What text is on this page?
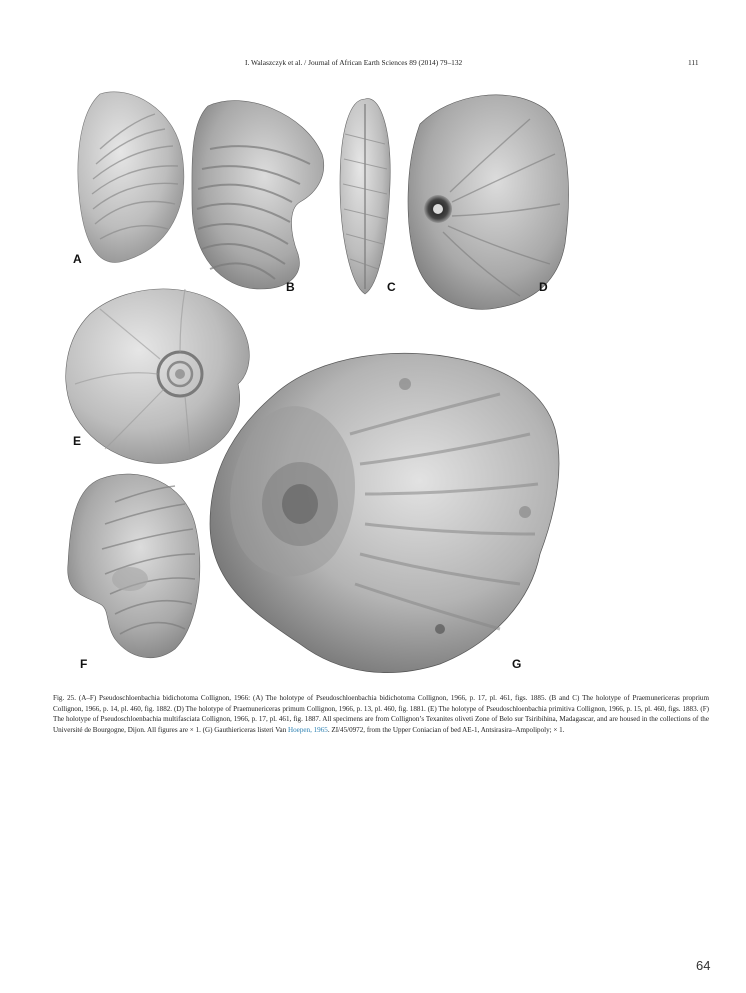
I. Walaszczyk et al. / Journal of African Earth Sciences 89 (2014) 79–132	111
A
B	C	D
E
F	G

Fig. 25. (A–F) Pseudoschloenbachia bidichotoma Collignon, 1966: (A) The holotype of Pseudoschloenbachia bidichotoma Collignon, 1966, p. 17, pl. 461, figs. 1885. (B and C) The holotype of Praemunericeras proprium Collignon, 1966, p. 14, pl. 460, fig. 1882. (D) The holotype of Praemunericeras primum Collignon, 1966, p. 13, pl. 460, fig. 1881. (E) The holotype of Pseudoschloenbachia primitiva Collignon, 1966, p. 15, pl. 460, figs. 1883. (F) The holotype of Pseudoschloenbachia multifasciata Collignon, 1966, p. 17, pl. 461, fig. 1887. All specimens are from Collignon’s Texanites oliveti Zone of Belo sur Tsiribihina, Madagascar, and are housed in the collections of the Université de Bourgogne, Dijon. All figures are × 1. (G) Gauthiericeras listeri Van Hoepen, 1965. ZI/45/0972, from the Upper Coniacian of bed AE-1, Antsirasira–Ampolipoly; × 1.

64
